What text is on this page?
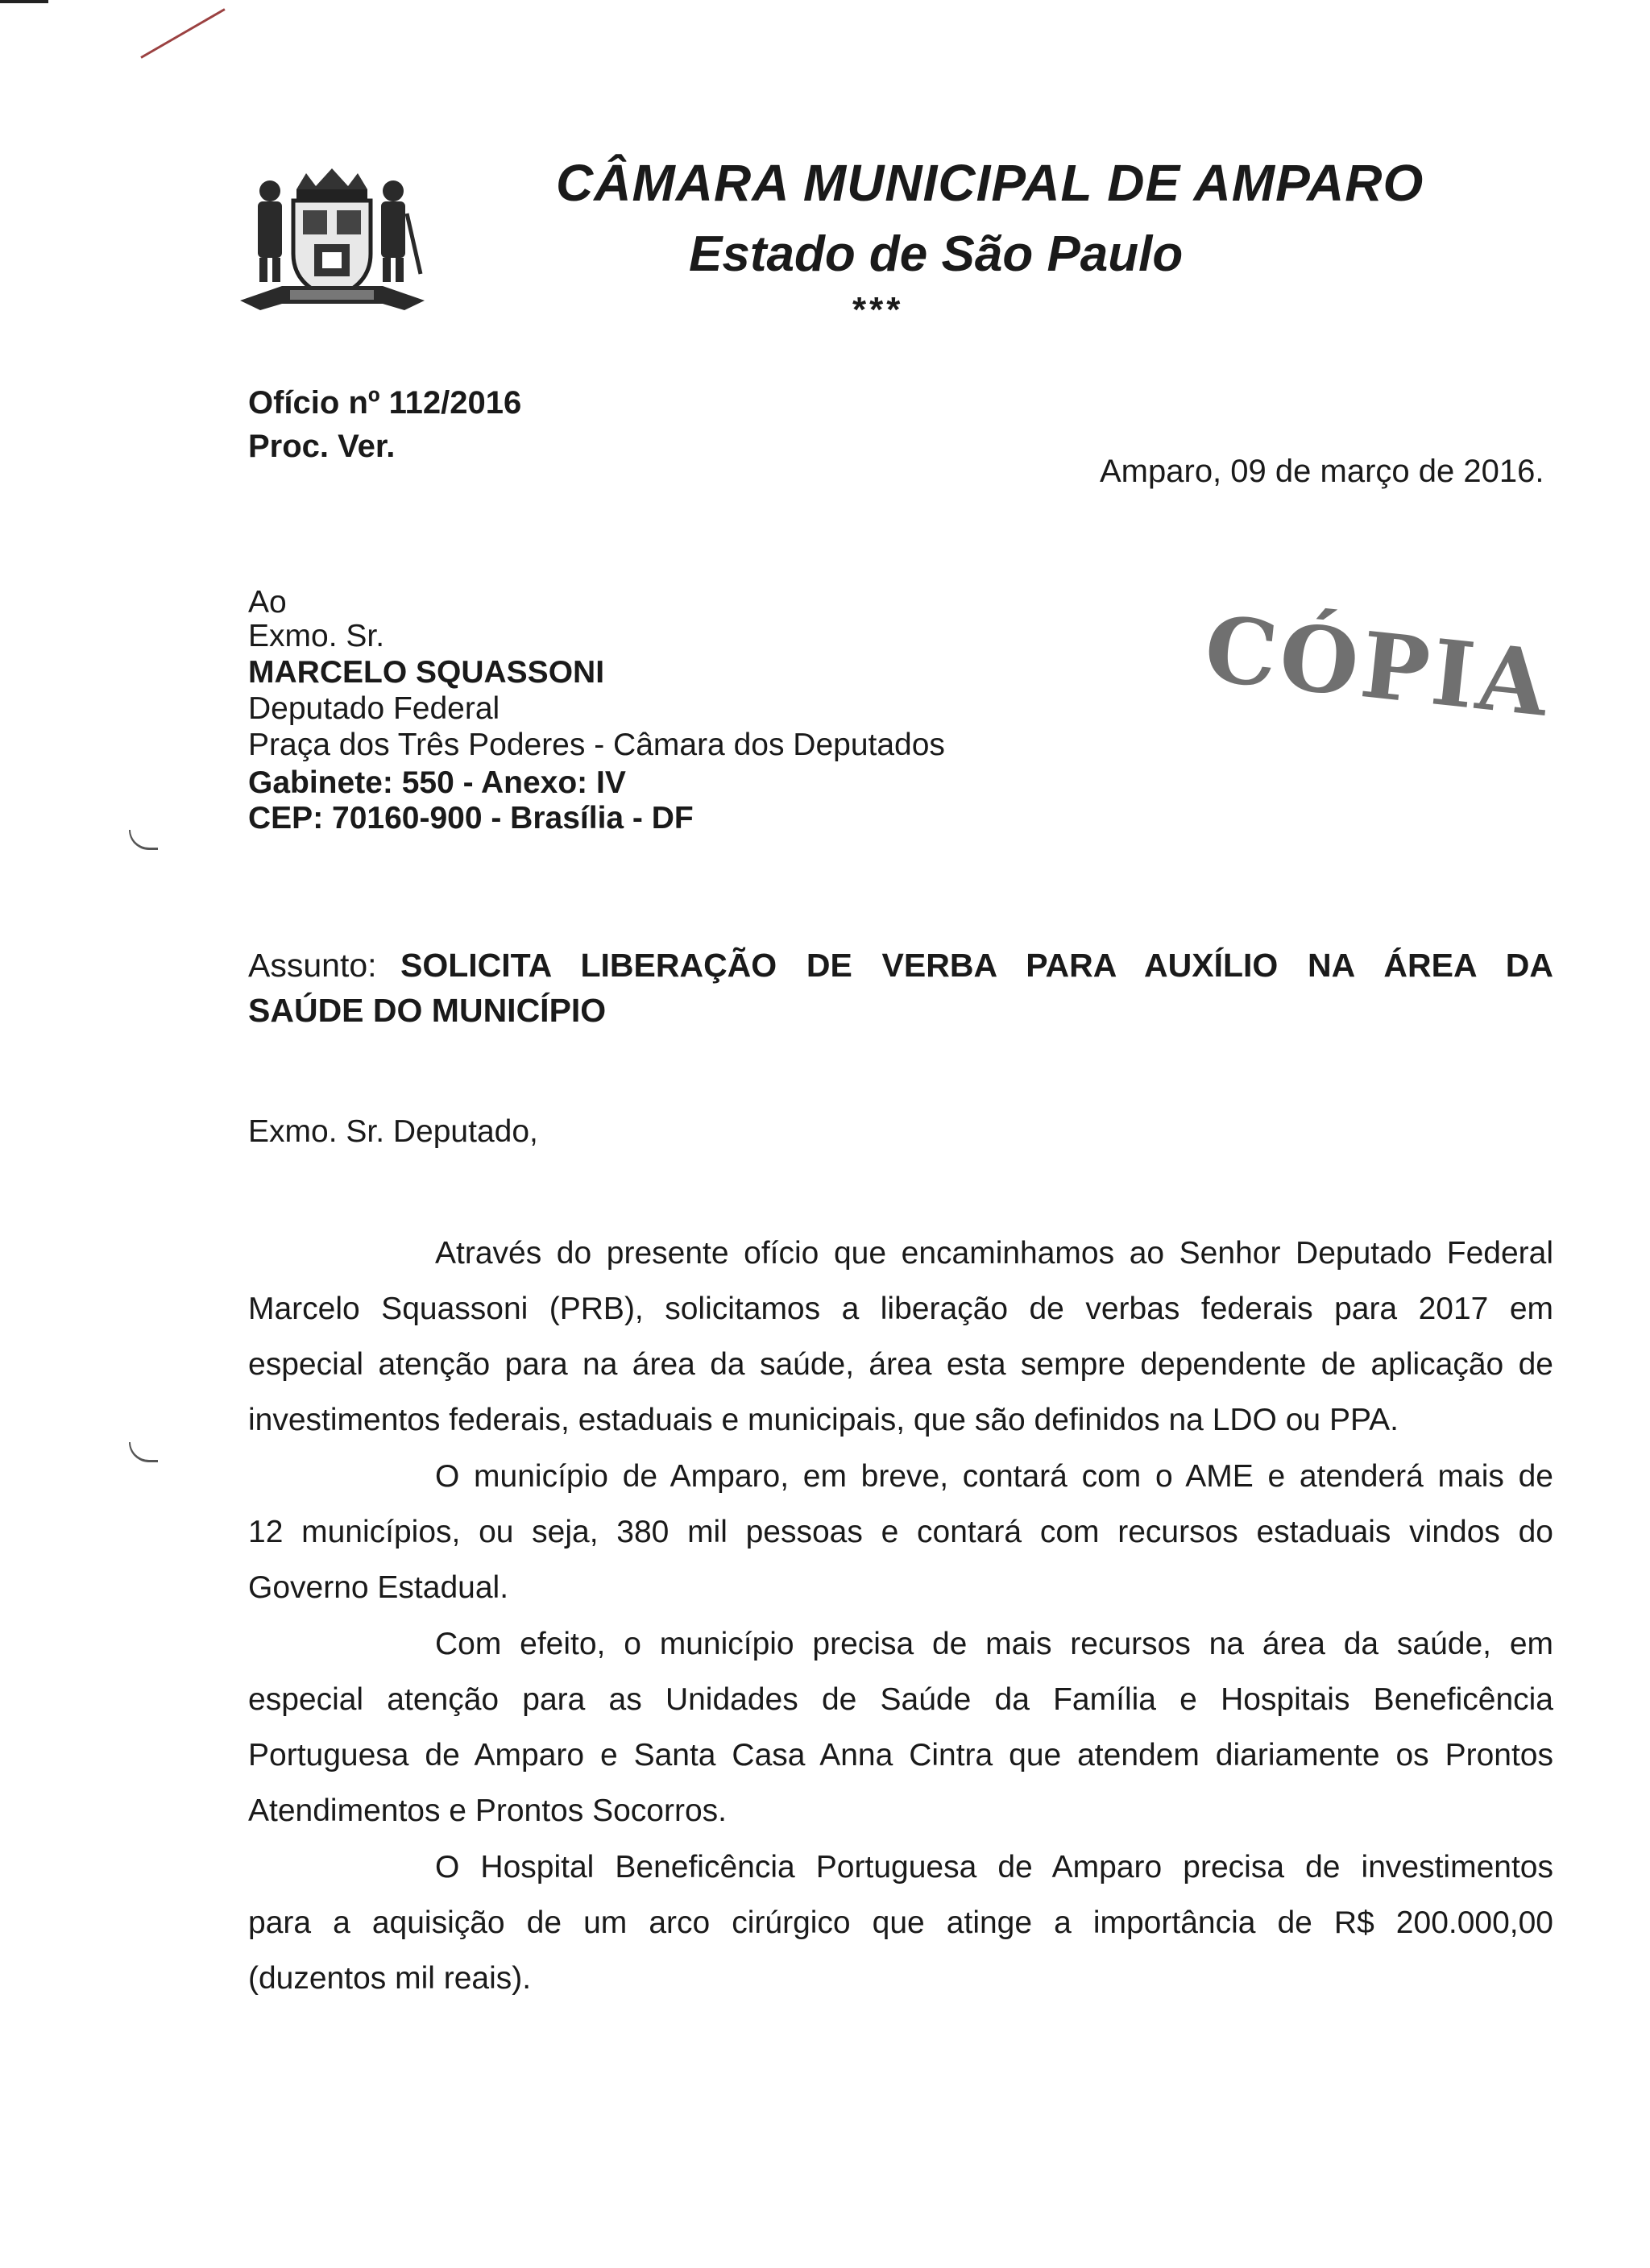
CÂMARA MUNICIPAL DE AMPARO
Estado de São Paulo
***
Ofício nº 112/2016
Proc. Ver.
Amparo, 09 de março de 2016.
Ao
Exmo. Sr.
MARCELO SQUASSONI
Deputado Federal
Praça dos Três Poderes - Câmara dos Deputados
Gabinete: 550 - Anexo: IV
CEP: 70160-900 - Brasília - DF
CÓPIA
Assunto: SOLICITA LIBERAÇÃO DE VERBA PARA AUXÍLIO NA ÁREA DA
SAÚDE DO MUNICÍPIO
Exmo. Sr. Deputado,
Através do presente ofício que encaminhamos ao Senhor Deputado Federal
Marcelo Squassoni (PRB), solicitamos a liberação de verbas federais para 2017 em
especial atenção para na área da saúde, área esta sempre dependente de aplicação de
investimentos federais, estaduais e municipais, que são definidos na LDO ou PPA.
O município de Amparo, em breve, contará com o AME e atenderá mais de
12 municípios, ou seja, 380 mil pessoas e contará com recursos estaduais vindos do
Governo Estadual.
Com efeito, o município precisa de mais recursos na área da saúde, em
especial atenção para as Unidades de Saúde da Família e Hospitais Beneficência
Portuguesa de Amparo e Santa Casa Anna Cintra que atendem diariamente os Prontos
Atendimentos e Prontos Socorros.
O Hospital Beneficência Portuguesa de Amparo precisa de investimentos
para a aquisição de um arco cirúrgico que atinge a importância de R$ 200.000,00
(duzentos mil reais).
